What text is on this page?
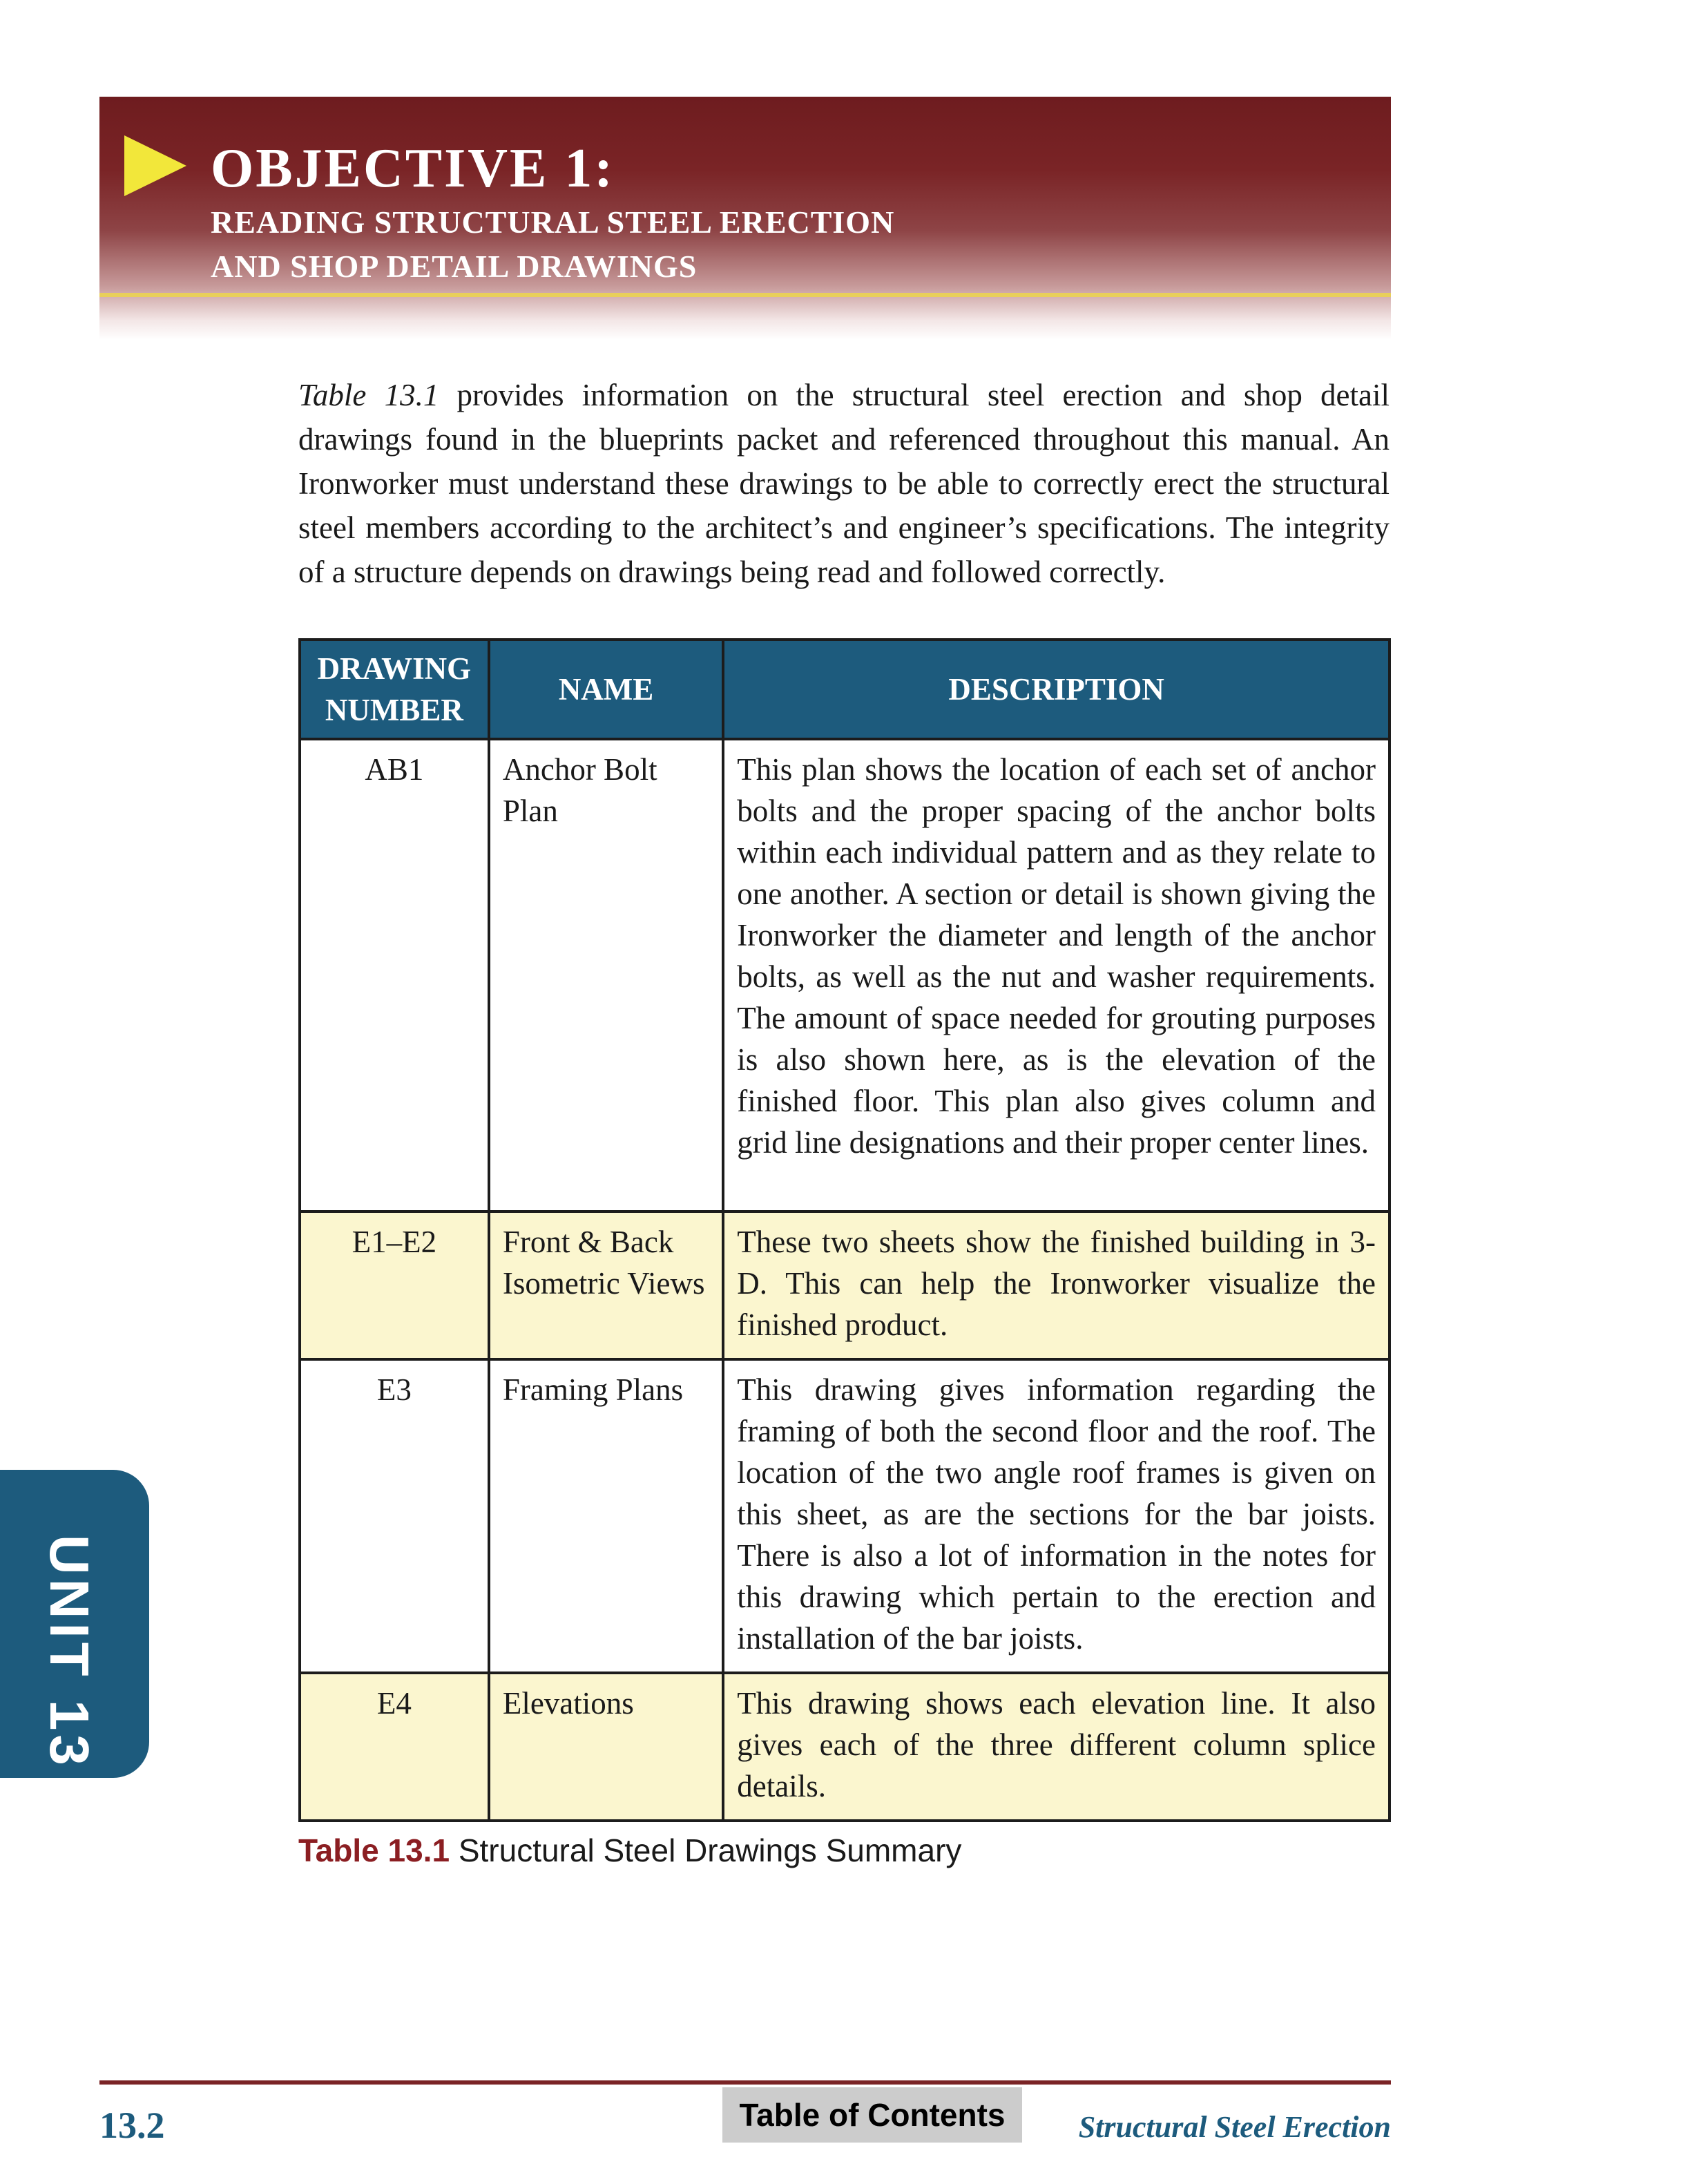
OBJECTIVE 1:
READING STRUCTURAL STEEL ERECTION
AND SHOP DETAIL DRAWINGS

Table 13.1 provides information on the structural steel erection and shop detail drawings found in the blueprints packet and referenced throughout this manual. An Ironworker must understand these drawings to be able to correctly erect the structural steel members according to the architect’s and engineer’s specifications. The integrity of a structure depends on drawings being read and followed correctly.

DRAWING
NUMBER	NAME	DESCRIPTION
AB1	Anchor Bolt Plan	This plan shows the location of each set of anchor bolts and the proper spacing of the anchor bolts within each individual pattern and as they relate to one another. A section or detail is shown giving the Ironworker the diameter and length of the anchor bolts, as well as the nut and washer requirements. The amount of space needed for grouting purposes is also shown here, as is the elevation of the finished floor. This plan also gives column and grid line designations and their proper center lines.
E1–E2	Front & Back Isometric Views	These two sheets show the finished building in 3-D. This can help the Ironworker visualize the finished product.
E3	Framing Plans	This drawing gives information regarding the framing of both the second floor and the roof. The location of the two angle roof frames is given on this sheet, as are the sections for the bar joists. There is also a lot of information in the notes for this drawing which pertain to the erection and installation of the bar joists.
E4	Elevations	This drawing shows each elevation line. It also gives each of the three different column splice details.
Table 13.1 Structural Steel Drawings Summary
UNIT 13
13.2	Table of Contents	Structural Steel Erection
